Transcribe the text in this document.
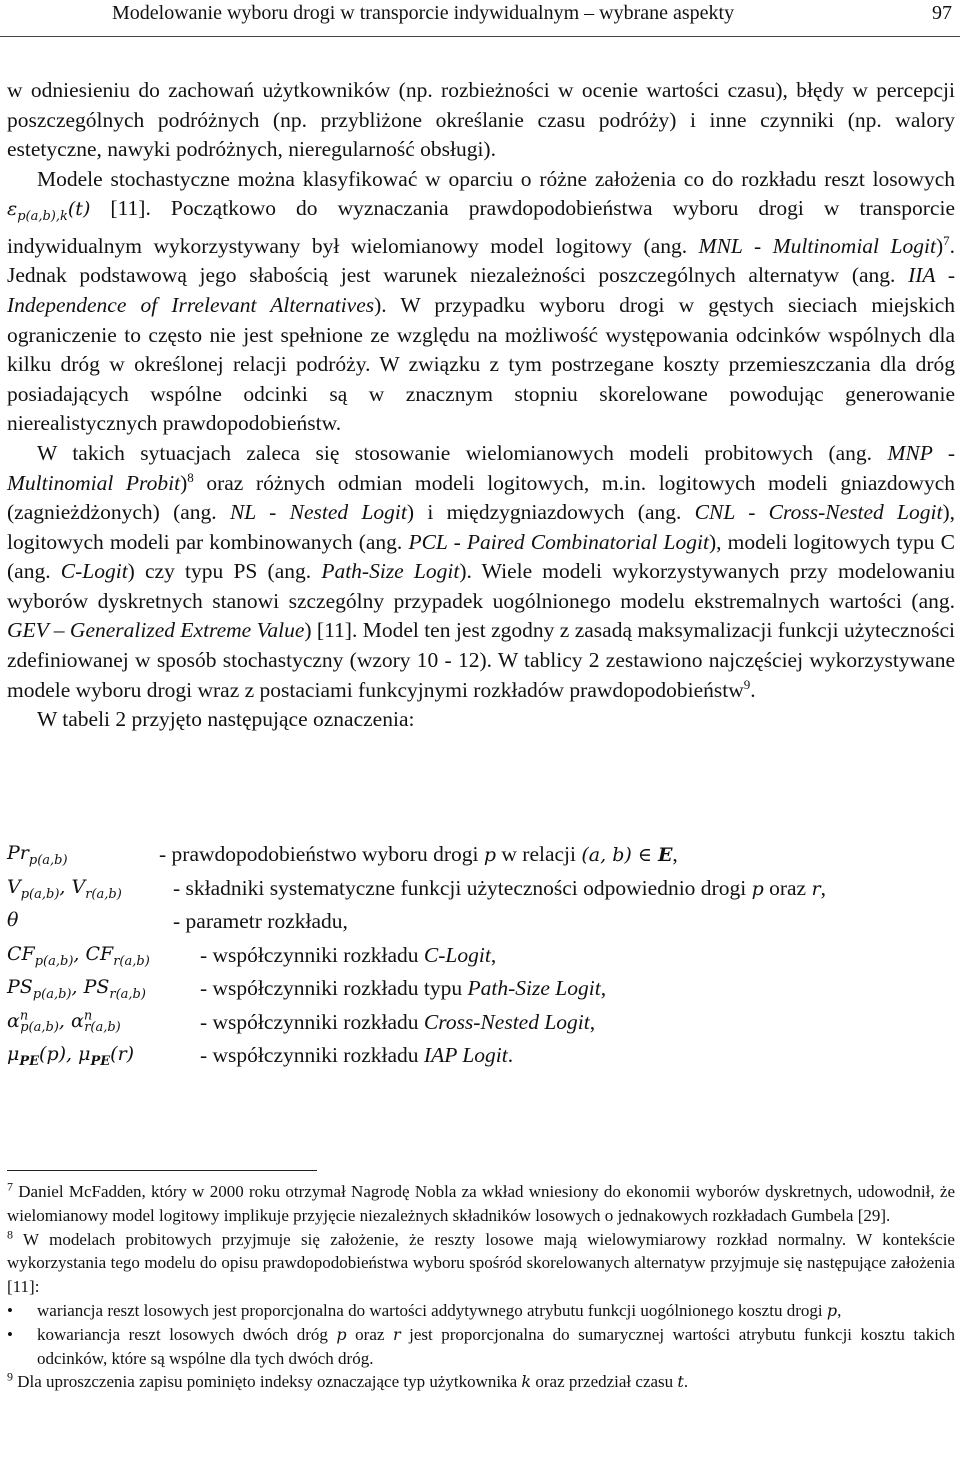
Modelowanie wyboru drogi w transporcie indywidualnym – wybrane aspekty	97

w odniesieniu do zachowań użytkowników (np. rozbieżności w ocenie wartości czasu), błędy w percepcji poszczególnych podróżnych (np. przybliżone określanie czasu podróży) i inne czynniki (np. walory estetyczne, nawyki podróżnych, nieregularność obsługi).

Modele stochastyczne można klasyfikować w oparciu o różne założenia co do rozkładu reszt losowych $\varepsilon_{p(a,b),k}(t)$ [11]. Początkowo do wyznaczania prawdopodobieństwa wyboru drogi w transporcie indywidualnym wykorzystywany był wielomianowy model logitowy (ang. MNL - Multinomial Logit)$^7$. Jednak podstawową jego słabością jest warunek niezależności poszczególnych alternatyw (ang. IIA - Independence of Irrelevant Alternatives). W przypadku wyboru drogi w gęstych sieciach miejskich ograniczenie to często nie jest spełnione ze względu na możliwość występowania odcinków wspólnych dla kilku dróg w określonej relacji podróży. W związku z tym postrzegane koszty przemieszczania dla dróg posiadających wspólne odcinki są w znacznym stopniu skorelowane powodując generowanie nierealistycznych prawdopodobieństw.

W takich sytuacjach zaleca się stosowanie wielomianowych modeli probitowych (ang. MNP - Multinomial Probit)$^8$ oraz różnych odmian modeli logitowych, m.in. logitowych modeli gniazdowych (zagnieżdżonych) (ang. NL - Nested Logit) i międzygniazdowych (ang. CNL - Cross-Nested Logit), logitowych modeli par kombinowanych (ang. PCL - Paired Combinatorial Logit), modeli logitowych typu C (ang. C-Logit) czy typu PS (ang. Path-Size Logit). Wiele modeli wykorzystywanych przy modelowaniu wyborów dyskretnych stanowi szczególny przypadek uogólnionego modelu ekstremalnych wartości (ang. GEV – Generalized Extreme Value) [11]. Model ten jest zgodny z zasadą maksymalizacji funkcji użyteczności zdefiniowanej w sposób stochastyczny (wzory 10 - 12). W tablicy 2 zestawiono najczęściej wykorzystywane modele wyboru drogi wraz z postaciami funkcyjnymi rozkładów prawdopodobieństw$^9$.

W tabeli 2 przyjęto następujące oznaczenia:

$Pr_{p(a,b)}$	- prawdopodobieństwo wyboru drogi p w relacji (a, b) ∈ E,
$V_{p(a,b)}$, $V_{r(a,b)}$ - składniki systematyczne funkcji użyteczności odpowiednio drogi p oraz r,
θ	- parametr rozkładu,
$CF_{p(a,b)}$, $CF_{r(a,b)}$ - współczynniki rozkładu C-Logit,
$PS_{p(a,b)}$, $PS_{r(a,b)}$	- współczynniki rozkładu typu Path-Size Logit,
$\alpha^n_{p(a,b)}$, $\alpha^n_{r(a,b)}$	- współczynniki rozkładu Cross-Nested Logit,
$\mu_{PE}(p)$, $\mu_{PE}(r)$	- współczynniki rozkładu IAP Logit.

$^7$ Daniel McFadden, który w 2000 roku otrzymał Nagrodę Nobla za wkład wniesiony do ekonomii wyborów dyskretnych, udowodnił, że wielomianowy model logitowy implikuje przyjęcie niezależnych składników losowych o jednakowych rozkładach Gumbela [29].

$^8$ W modelach probitowych przyjmuje się założenie, że reszty losowe mają wielowymiarowy rozkład normalny. W kontekście wykorzystania tego modelu do opisu prawdopodobieństwa wyboru spośród skorelowanych alternatyw przyjmuje się następujące założenia [11]:

• wariancja reszt losowych jest proporcjonalna do wartości addytywnego atrybutu funkcji uogólnionego kosztu drogi p,
• kowariancja reszt losowych dwóch dróg p oraz r jest proporcjonalna do sumarycznej wartości atrybutu funkcji kosztu takich odcinków, które są wspólne dla tych dwóch dróg.

$^9$ Dla uproszczenia zapisu pominięto indeksy oznaczające typ użytkownika k oraz przedział czasu t.
